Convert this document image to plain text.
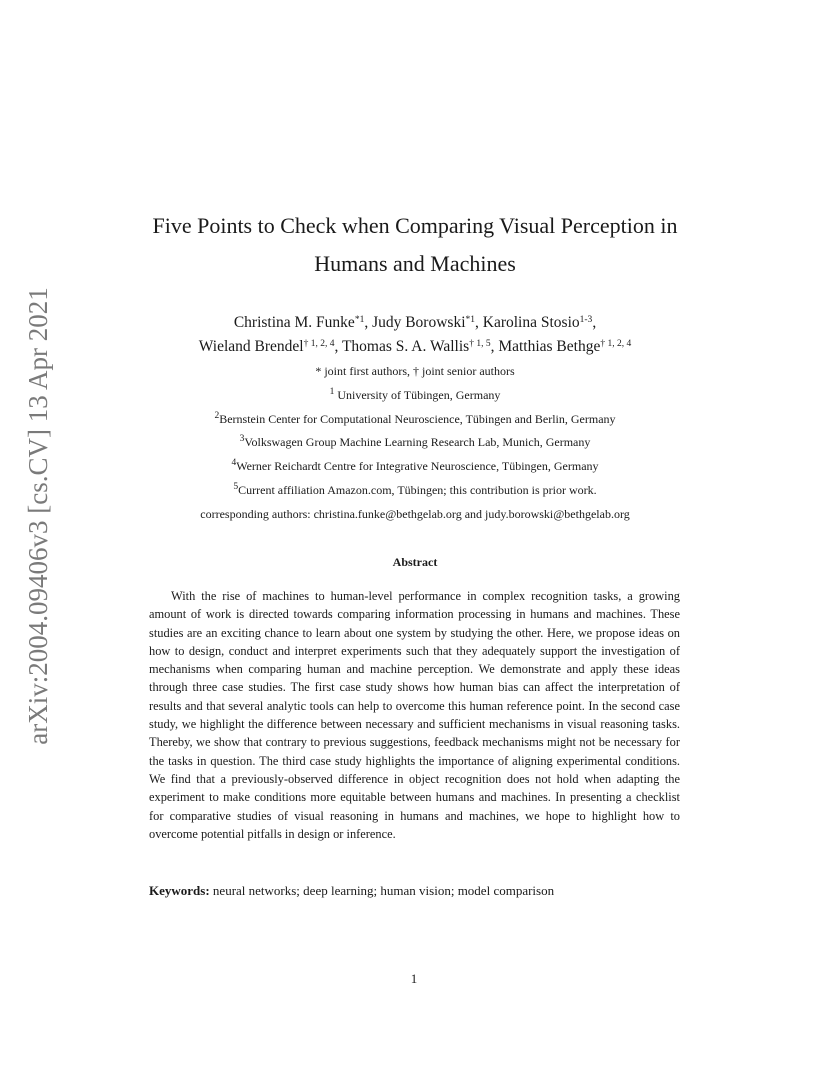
arXiv:2004.09406v3 [cs.CV] 13 Apr 2021
Five Points to Check when Comparing Visual Perception in
Humans and Machines
Christina M. Funke$^{*1}$, Judy Borowski$^{*1}$, Karolina Stosio$^{1-3}$,
Wieland Brendel$^{\dagger 1, 2, 4}$, Thomas S. A. Wallis$^{\dagger 1, 5}$, Matthias Bethge$^{\dagger 1, 2, 4}$
* joint first authors, † joint senior authors
$^1$ University of Tübingen, Germany
$^2$Bernstein Center for Computational Neuroscience, Tübingen and Berlin, Germany
$^3$Volkswagen Group Machine Learning Research Lab, Munich, Germany
$^4$Werner Reichardt Centre for Integrative Neuroscience, Tübingen, Germany
$^5$Current affiliation Amazon.com, Tübingen; this contribution is prior work.
corresponding authors: christina.funke@bethgelab.org and judy.borowski@bethgelab.org
Abstract

With the rise of machines to human-level performance in complex recognition tasks, a growing amount of work is directed towards comparing information processing in humans and machines. These studies are an exciting chance to learn about one system by studying the other. Here, we propose ideas on how to design, conduct and interpret experiments such that they adequately support the investigation of mechanisms when comparing human and machine perception. We demonstrate and apply these ideas through three case studies. The first case study shows how human bias can affect the interpretation of results and that several analytic tools can help to overcome this human reference point. In the second case study, we highlight the difference between necessary and sufficient mechanisms in visual reasoning tasks. Thereby, we show that contrary to previous suggestions, feedback mechanisms might not be necessary for the tasks in question. The third case study highlights the importance of aligning experimental conditions. We find that a previously-observed difference in object recognition does not hold when adapting the experiment to make conditions more equitable between humans and machines. In presenting a checklist for comparative studies of visual reasoning in humans and machines, we hope to highlight how to overcome potential pitfalls in design or inference.

Keywords: neural networks; deep learning; human vision; model comparison
1
